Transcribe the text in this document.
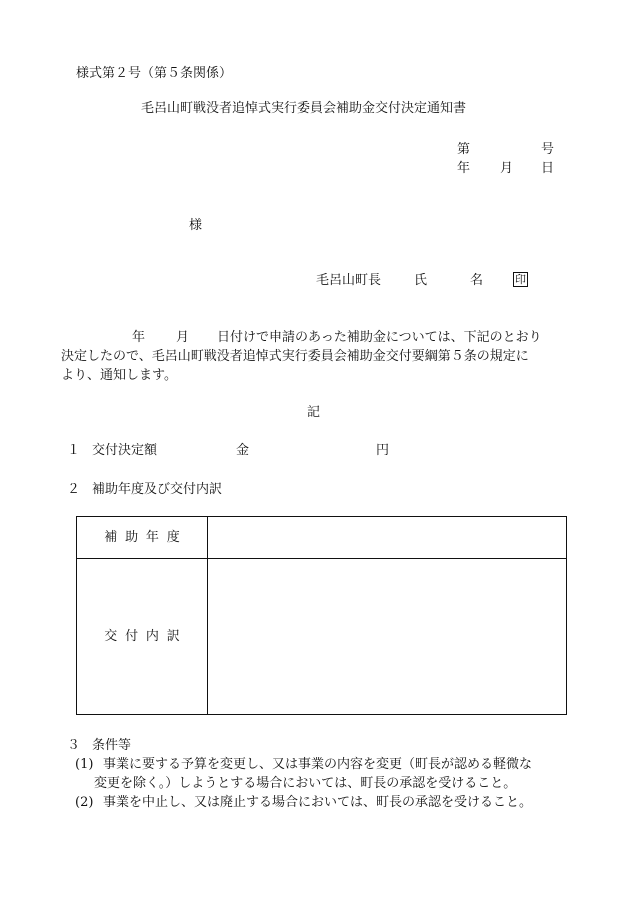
様式第２号（第５条関係）
毛呂山町戦没者追悼式実行委員会補助金交付決定通知書
第	号
年 月 日
様
毛呂山町長	氏	名	印
年 月 日付けで申請のあった補助金については、下記のとおり
決定したので、毛呂山町戦没者追悼式実行委員会補助金交付要綱第５条の規定に
より、通知します。
記
１ 交付決定額	金	円
２ 補助年度及び交付内訳
補助年度	
交付内訳	
３ 条件等
(1) 事業に要する予算を変更し、又は事業の内容を変更（町長が認める軽微な
変更を除く。）しようとする場合においては、町長の承認を受けること。
(2) 事業を中止し、又は廃止する場合においては、町長の承認を受けること。
